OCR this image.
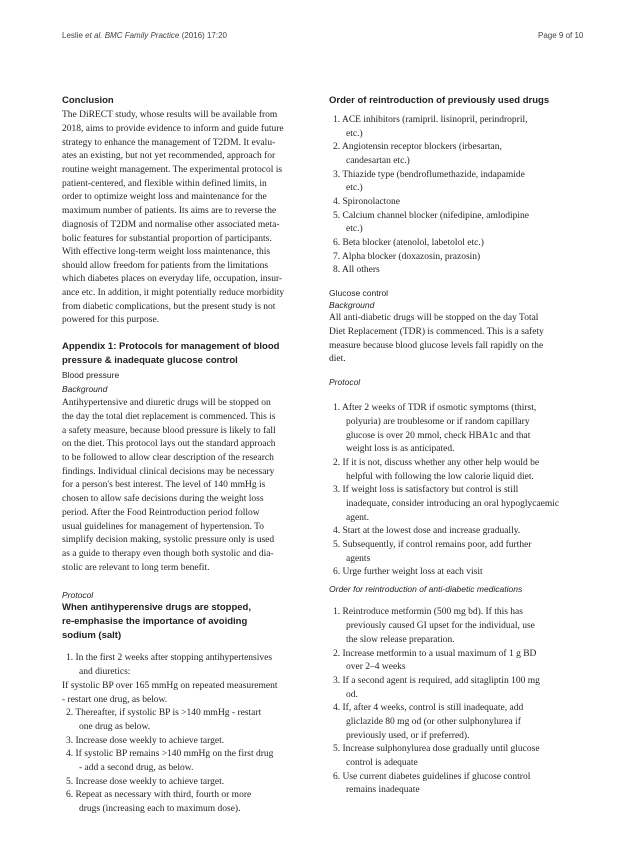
Leslie et al. BMC Family Practice (2016) 17:20	Page 9 of 10
Conclusion
The DiRECT study, whose results will be available from
2018, aims to provide evidence to inform and guide future
strategy to enhance the management of T2DM. It evalu-
ates an existing, but not yet recommended, approach for
routine weight management. The experimental protocol is
patient-centered, and flexible within defined limits, in
order to optimize weight loss and maintenance for the
maximum number of patients. Its aims are to reverse the
diagnosis of T2DM and normalise other associated meta-
bolic features for substantial proportion of participants.
With effective long-term weight loss maintenance, this
should allow freedom for patients from the limitations
which diabetes places on everyday life, occupation, insur-
ance etc. In addition, it might potentially reduce morbidity
from diabetic complications, but the present study is not
powered for this purpose.
Appendix 1: Protocols for management of blood
pressure & inadequate glucose control
Blood pressure
Background
Antihypertensive and diuretic drugs will be stopped on
the day the total diet replacement is commenced. This is
a safety measure, because blood pressure is likely to fall
on the diet. This protocol lays out the standard approach
to be followed to allow clear description of the research
findings. Individual clinical decisions may be necessary
for a person's best interest. The level of 140 mmHg is
chosen to allow safe decisions during the weight loss
period. After the Food Reintroduction period follow
usual guidelines for management of hypertension. To
simplify decision making, systolic pressure only is used
as a guide to therapy even though both systolic and dia-
stolic are relevant to long term benefit.
Protocol
When antihyperensive drugs are stopped,
re-emphasise the importance of avoiding
sodium (salt)
1. In the first 2 weeks after stopping antihypertensives
and diuretics:
If systolic BP over 165 mmHg on repeated measurement
- restart one drug, as below.
2. Thereafter, if systolic BP is >140 mmHg - restart
one drug as below.
3. Increase dose weekly to achieve target.
4. If systolic BP remains >140 mmHg on the first drug
- add a second drug, as below.
5. Increase dose weekly to achieve target.
6. Repeat as necessary with third, fourth or more
drugs (increasing each to maximum dose).
Order of reintroduction of previously used drugs
1. ACE inhibitors (ramipril. lisinopril, perindropril,
etc.)
2. Angiotensin receptor blockers (irbesartan,
candesartan etc.)
3. Thiazide type (bendroflumethazide, indapamide
etc.)
4. Spironolactone
5. Calcium channel blocker (nifedipine, amlodipine
etc.)
6. Beta blocker (atenolol, labetolol etc.)
7. Alpha blocker (doxazosin, prazosin)
8. All others
Glucose control
Background
All anti-diabetic drugs will be stopped on the day Total
Diet Replacement (TDR) is commenced. This is a safety
measure because blood glucose levels fall rapidly on the
diet.
Protocol
1. After 2 weeks of TDR if osmotic symptoms (thirst,
polyuria) are troublesome or if random capillary
glucose is over 20 mmol, check HBA1c and that
weight loss is as anticipated.
2. If it is not, discuss whether any other help would be
helpful with following the low calorie liquid diet.
3. If weight loss is satisfactory but control is still
inadequate, consider introducing an oral hypoglycaemic
agent.
4. Start at the lowest dose and increase gradually.
5. Subsequently, if control remains poor, add further
agents
6. Urge further weight loss at each visit
Order for reintroduction of anti-diabetic medications
1. Reintroduce metformin (500 mg bd). If this has
previously caused GI upset for the individual, use
the slow release preparation.
2. Increase metformin to a usual maximum of 1 g BD
over 2–4 weeks
3. If a second agent is required, add sitagliptin 100 mg
od.
4. If, after 4 weeks, control is still inadequate, add
gliclazide 80 mg od (or other sulphonylurea if
previously used, or if preferred).
5. Increase sulphonylurea dose gradually until glucose
control is adequate
6. Use current diabetes guidelines if glucose control
remains inadequate
